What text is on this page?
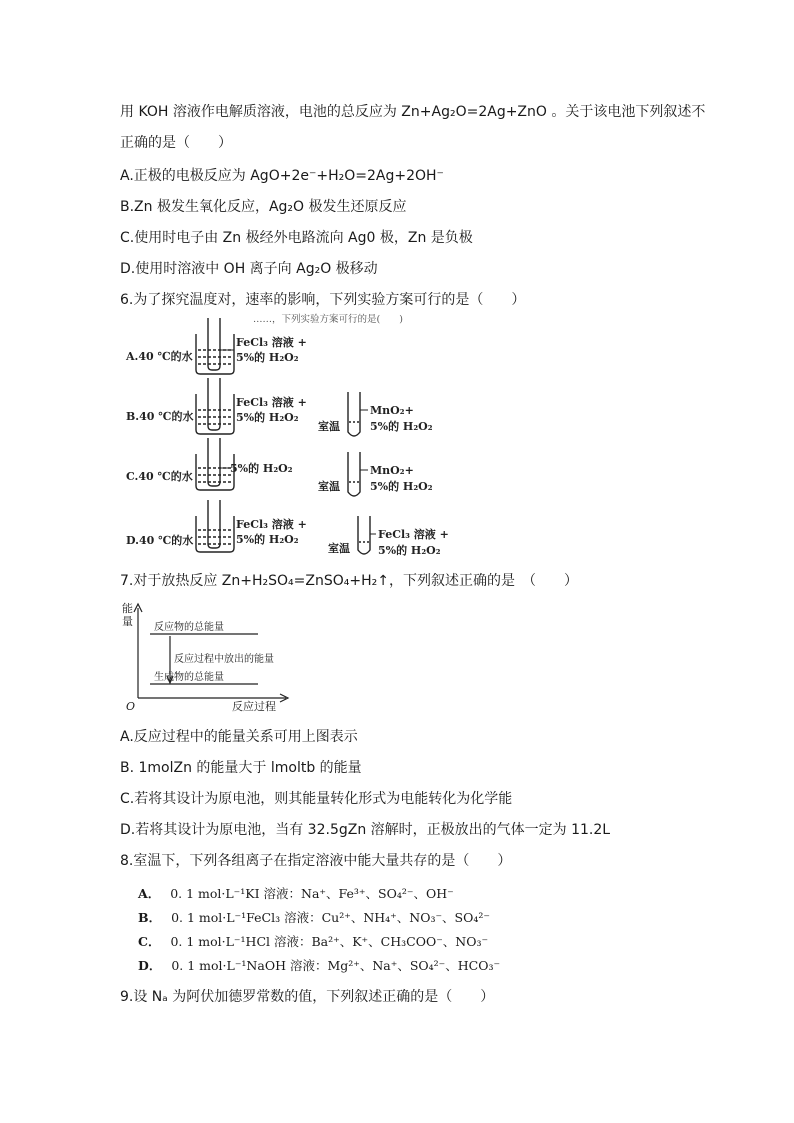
用 KOH 溶液作电解质溶液，电池的总反应为 Zn+Ag₂O=2Ag+ZnO 。关于该电池下列叙述不
正确的是（　　）
A.正极的电极反应为 AgO+2e⁻+H₂O=2Ag+2OH⁻
B.Zn 极发生氧化反应，Ag₂O 极发生还原反应
C.使用时电子由 Zn 极经外电路流向 Ag0 极，Zn 是负极
D.使用时溶液中 OH 离子向 Ag₂O 极移动
6.为了探究温度对，速率的影响，下列实验方案可行的是（　　）
……，下列实验方案可行的是(　　)
A.40 ℃的水
FeCl₃ 溶液 +
5%的 H₂O₂
B.40 ℃的水
FeCl₃ 溶液 +
5%的 H₂O₂
室温
MnO₂+
5%的 H₂O₂
C.40 ℃的水
5%的 H₂O₂
室温
MnO₂+
5%的 H₂O₂
D.40 ℃的水
FeCl₃ 溶液 +
5%的 H₂O₂
室温
FeCl₃ 溶液 +
5%的 H₂O₂
7.对于放热反应 Zn+H₂SO₄=ZnSO₄+H₂↑，下列叙述正确的是　（　　）
能
量
O	反应过程
反应物的总能量
反应过程中放出的能量
生成物的总能量
A.反应过程中的能量关系可用上图表示
B. 1molZn 的能量大于 lmoltb 的能量
C.若将其设计为原电池，则其能量转化形式为电能转化为化学能
D.若将其设计为原电池，当有 32.5gZn 溶解时，正极放出的气体一定为 11.2L
8.室温下，下列各组离子在指定溶液中能大量共存的是（　　）
A． 0. 1 mol·L⁻¹KI 溶液：Na⁺、Fe³⁺、SO₄²⁻、OH⁻
B． 0. 1 mol·L⁻¹FeCl₃ 溶液：Cu²⁺、NH₄⁺、NO₃⁻、SO₄²⁻
C． 0. 1 mol·L⁻¹HCl 溶液：Ba²⁺、K⁺、CH₃COO⁻、NO₃⁻
D． 0. 1 mol·L⁻¹NaOH 溶液：Mg²⁺、Na⁺、SO₄²⁻、HCO₃⁻
9.设 Nₐ 为阿伏加德罗常数的值，下列叙述正确的是（　　）
